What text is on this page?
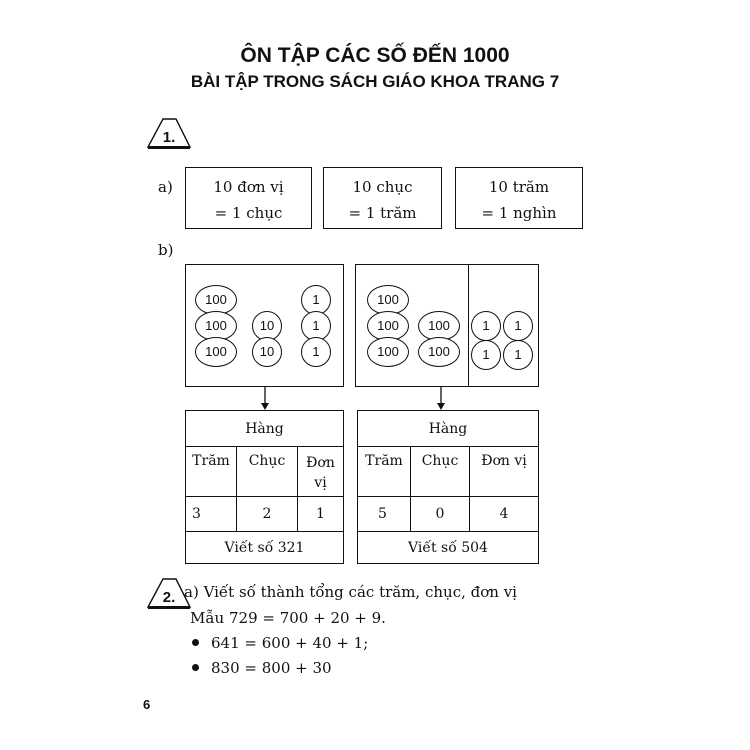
ÔN TẬP CÁC SỐ ĐẾN 1000
BÀI TẬP TRONG SÁCH GIÁO KHOA TRANG 7
1.
a)	10 đơn vị
= 1 chục
10 chục
= 1 trăm
10 trăm
= 1 nghìn
b)
100
100
100
10
10
1
1
1
100
100
100
100
100
1	1
1	1
Hàng		
Trăm	Chục	Đơn
vị

3	2	1
Viết số 321		
Hàng		
Trăm	Chục	Đơn vị
5	0	4
Viết số 504		
2. a) Viết số thành tổng các trăm, chục, đơn vị
Mẫu 729 = 700 + 20 + 9.
641 = 600 + 40 + 1;
830 = 800 + 30
6
